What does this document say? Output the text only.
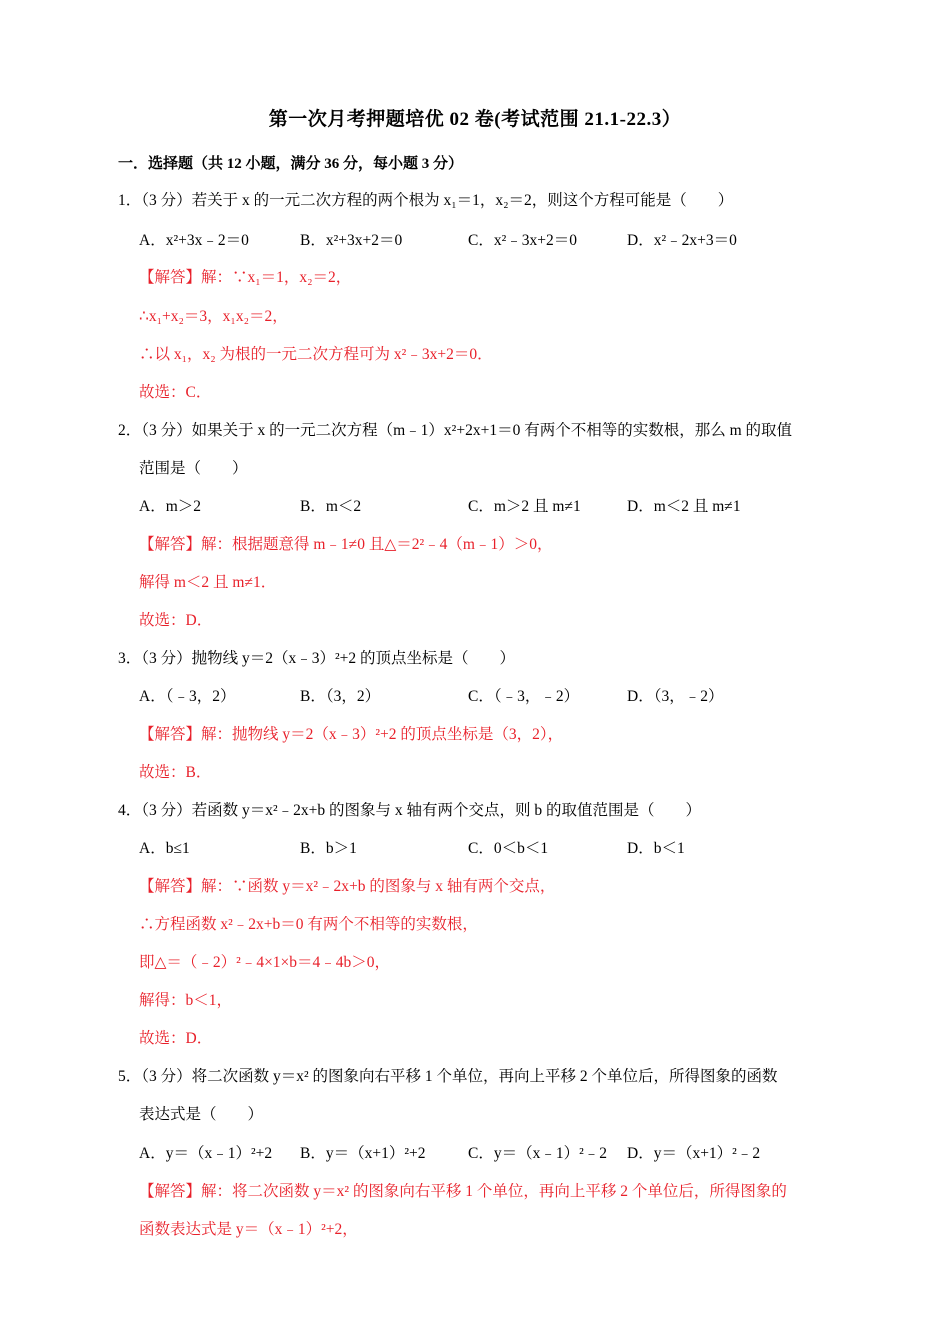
第一次月考押题培优 02 卷(考试范围 21.1-22.3）
一．选择题（共 12 小题，满分 36 分，每小题 3 分）
1．（3 分）若关于 x 的一元二次方程的两个根为 x₁＝1，x₂＝2，则这个方程可能是（　　）
A．x²+3x﹣2＝0	B．x²+3x+2＝0	C．x²﹣3x+2＝0	D．x²﹣2x+3＝0
【解答】解：∵x₁＝1，x₂＝2，
∴x₁+x₂＝3，x₁x₂＝2，
∴以 x₁，x₂ 为根的一元二次方程可为 x²﹣3x+2＝0．
故选：C．
2．（3 分）如果关于 x 的一元二次方程（m﹣1）x²+2x+1＝0 有两个不相等的实数根，那么 m 的取值
范围是（　　）
A．m＞2	B．m＜2	C．m＞2 且 m≠1	D．m＜2 且 m≠1
【解答】解：根据题意得 m﹣1≠0 且△＝2²﹣4（m﹣1）＞0，
解得 m＜2 且 m≠1．
故选：D．
3．（3 分）抛物线 y＝2（x﹣3）²+2 的顶点坐标是（　　）
A．（﹣3，2）	B．（3，2）	C．（﹣3，﹣2）	D．（3，﹣2）
【解答】解：抛物线 y＝2（x﹣3）²+2 的顶点坐标是（3，2），
故选：B．
4．（3 分）若函数 y＝x²﹣2x+b 的图象与 x 轴有两个交点，则 b 的取值范围是（　　）
A．b≤1	B．b＞1	C．0＜b＜1	D．b＜1
【解答】解：∵函数 y＝x²﹣2x+b 的图象与 x 轴有两个交点，
∴方程函数 x²﹣2x+b＝0 有两个不相等的实数根，
即△＝（﹣2）²﹣4×1×b＝4﹣4b＞0，
解得：b＜1，
故选：D．
5．（3 分）将二次函数 y＝x² 的图象向右平移 1 个单位，再向上平移 2 个单位后，所得图象的函数
表达式是（　　）
A．y＝（x﹣1）²+2 B．y＝（x+1）²+2	C．y＝（x﹣1）²﹣2 D．y＝（x+1）²﹣2
【解答】解：将二次函数 y＝x² 的图象向右平移 1 个单位，再向上平移 2 个单位后，所得图象的
函数表达式是 y＝（x﹣1）²+2，
